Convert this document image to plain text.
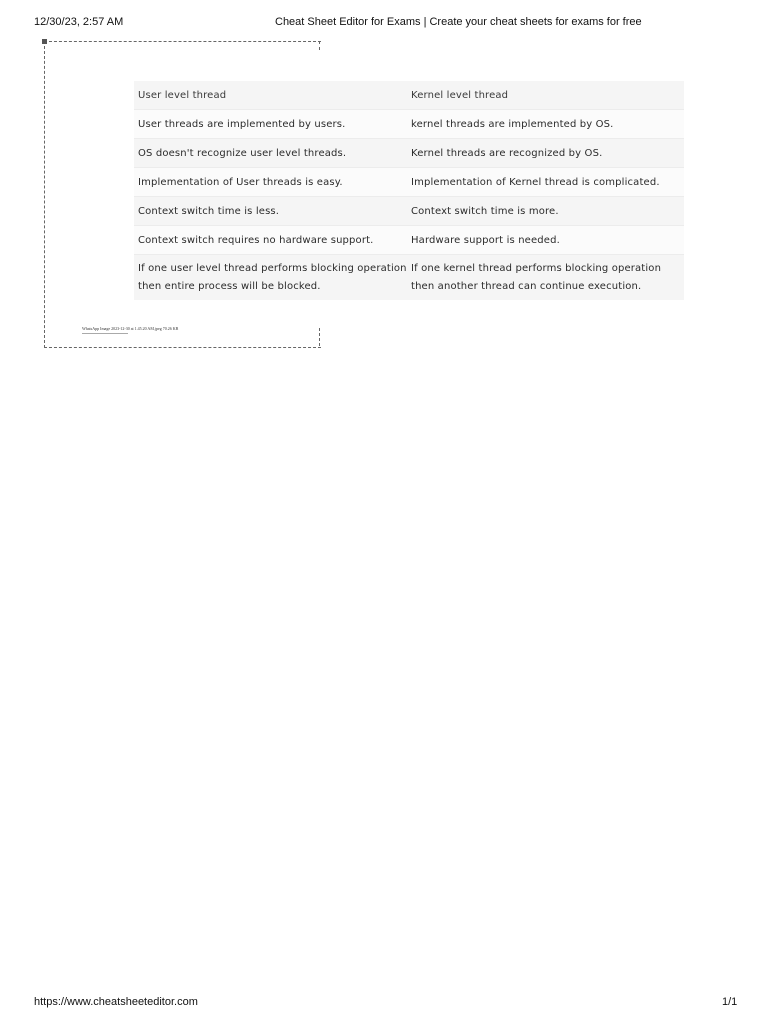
12/30/23, 2:57 AM	Cheat Sheet Editor for Exams | Create your cheat sheets for exams for free
User level thread	Kernel level thread
User threads are implemented by users.	kernel threads are implemented by OS.
OS doesn't recognize user level threads.	Kernel threads are recognized by OS.
Implementation of User threads is easy.	Implementation of Kernel thread is complicated.
Context switch time is less.	Context switch time is more.
Context switch requires no hardware support.	Hardware support is needed.
If one user level thread performs blocking operation then entire process will be blocked.	If one kernel thread performs blocking operation then another thread can continue execution.
WhatsApp Image 2023-12-30 at 1.45.20 AM.jpeg 70.26 KB
https://www.cheatsheeteditor.com	1/1
